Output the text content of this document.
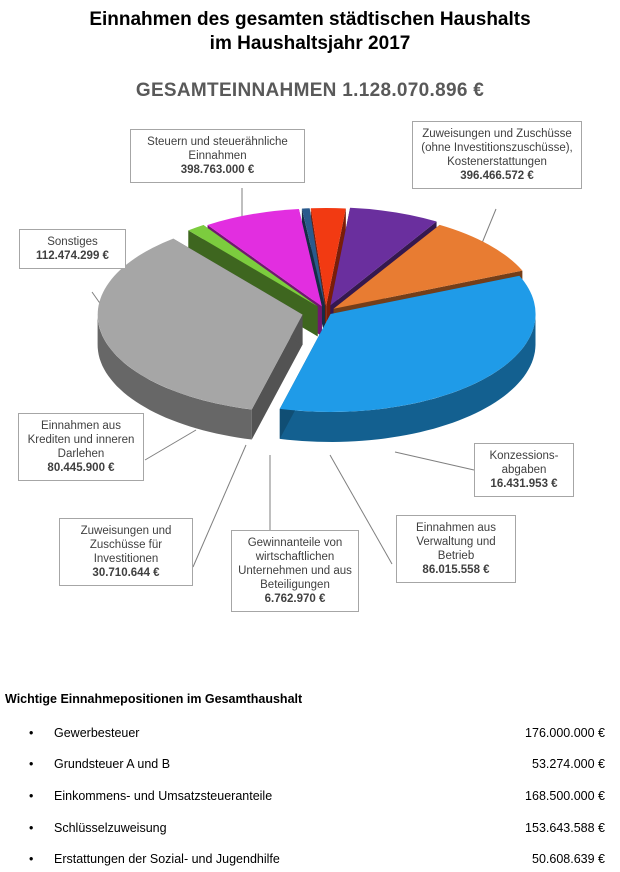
Einnahmen des gesamten städtischen Haushalts
im Haushaltsjahr 2017
GESAMTEINNAHMEN 1.128.070.896 €
Steuern und steuerähnliche Einnahmen
398.763.000 €
Zuweisungen und Zuschüsse (ohne Investitionszuschüsse), Kostenerstattungen
396.466.572 €
Sonstiges
112.474.299 €
Einnahmen aus Krediten und inneren Darlehen
80.445.900 €
Konzessions-abgaben
16.431.953 €
Zuweisungen und Zuschüsse für Investitionen
30.710.644 €
Gewinnanteile von wirtschaftlichen Unternehmen und aus Beteiligungen
6.762.970 €
Einnahmen aus Verwaltung und Betrieb
86.015.558 €
Wichtige Einnahmepositionen im Gesamthaushalt
• Gewerbesteuer	176.000.000 €
• Grundsteuer A und B	53.274.000 €
• Einkommens- und Umsatzsteueranteile	168.500.000 €
• Schlüsselzuweisung	153.643.588 €
• Erstattungen der Sozial- und Jugendhilfe	50.608.639 €
